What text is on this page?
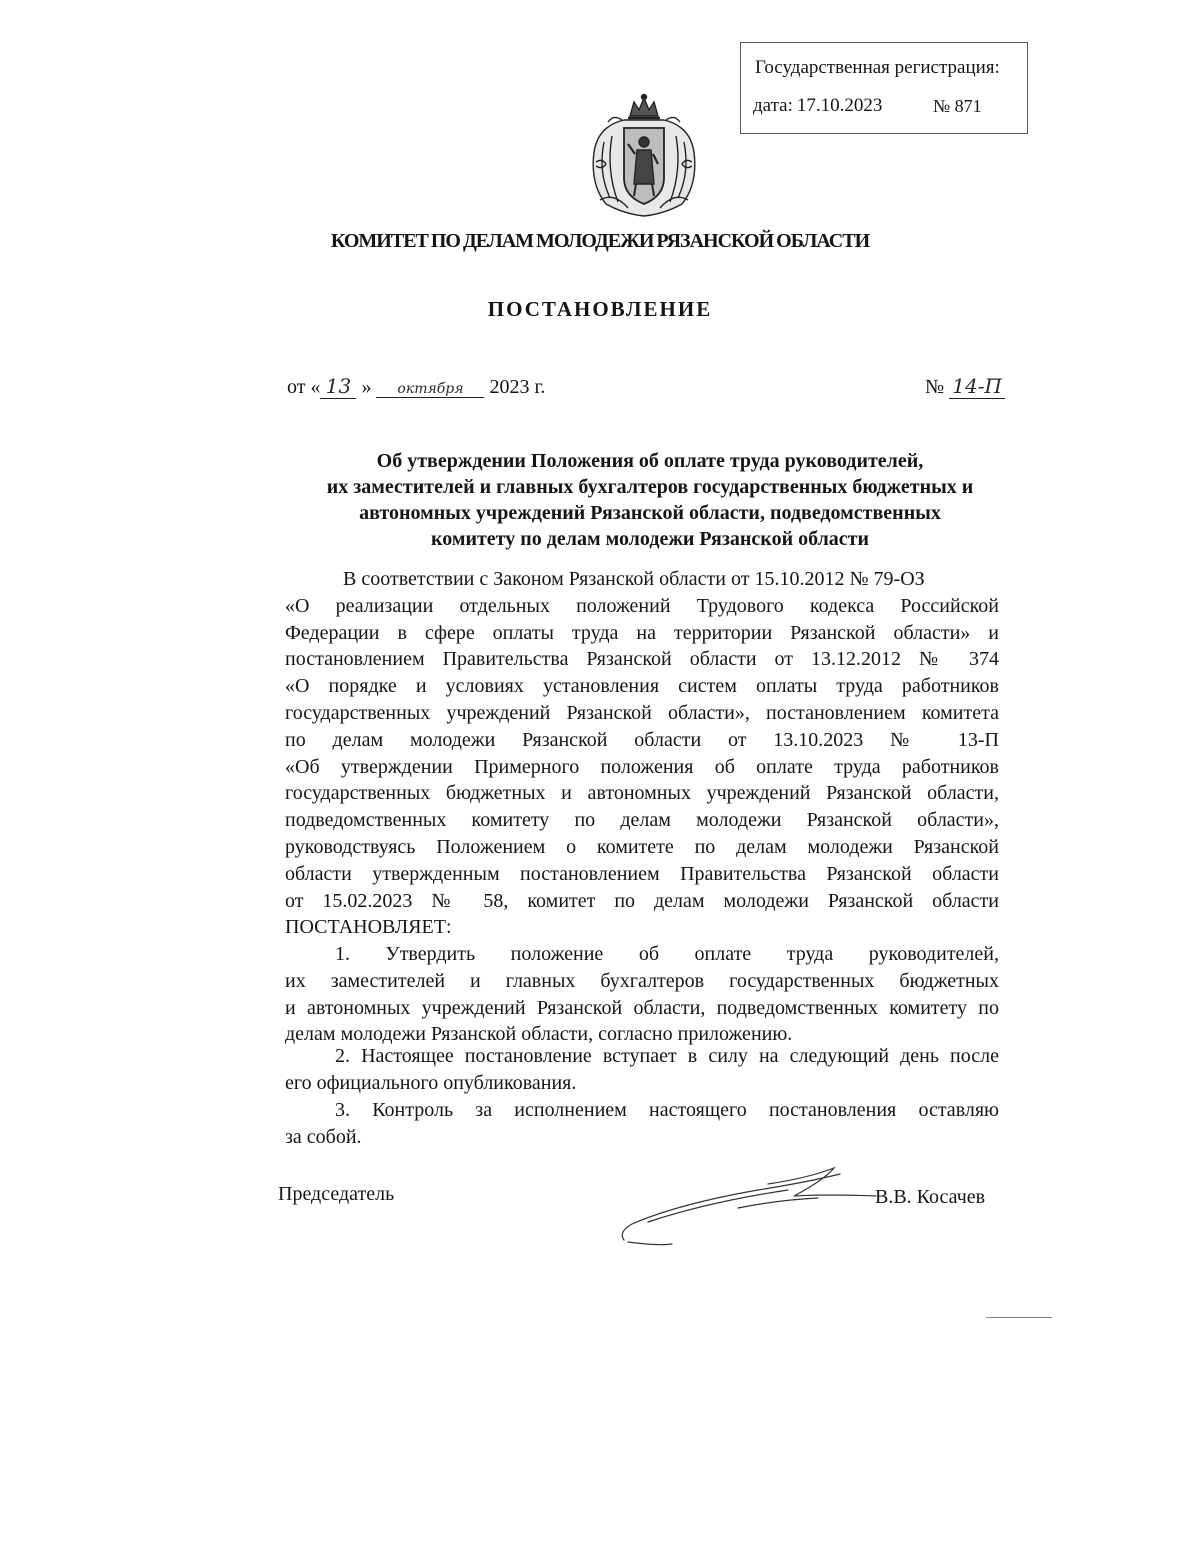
Государственная регистрация:
дата: 17.10.2023	№ 871
КОМИТЕТ ПО ДЕЛАМ МОЛОДЕЖИ РЯЗАНСКОЙ ОБЛАСТИ
ПОСТАНОВЛЕНИЕ
от « 13 » октября 2023 г.	№ 14-П
Об утверждении Положения об оплате труда руководителей,
их заместителей и главных бухгалтеров государственных бюджетных и
автономных учреждений Рязанской области, подведомственных
комитету по делам молодежи Рязанской области
В соответствии с Законом Рязанской области от 15.10.2012 № 79-ОЗ
«О реализации отдельных положений Трудового кодекса Российской
Федерации в сфере оплаты труда на территории Рязанской области» и
постановлением Правительства Рязанской области от 13.12.2012 № 374
«О порядке и условиях установления систем оплаты труда работников
государственных учреждений Рязанской области», постановлением комитета
по делам молодежи Рязанской области от 13.10.2023 № 13-П
«Об утверждении Примерного положения об оплате труда работников
государственных бюджетных и автономных учреждений Рязанской области,
подведомственных комитету по делам молодежи Рязанской области»,
руководствуясь Положением о комитете по делам молодежи Рязанской
области утвержденным постановлением Правительства Рязанской области
от 15.02.2023 № 58, комитет по делам молодежи Рязанской области
ПОСТАНОВЛЯЕТ:
1. Утвердить положение об оплате труда руководителей,
их заместителей и главных бухгалтеров государственных бюджетных
и автономных учреждений Рязанской области, подведомственных комитету по
делам молодежи Рязанской области, согласно приложению.
2. Настоящее постановление вступает в силу на следующий день после
его официального опубликования.
3. Контроль за исполнением настоящего постановления оставляю
за собой.
Председатель	В.В. Косачев
